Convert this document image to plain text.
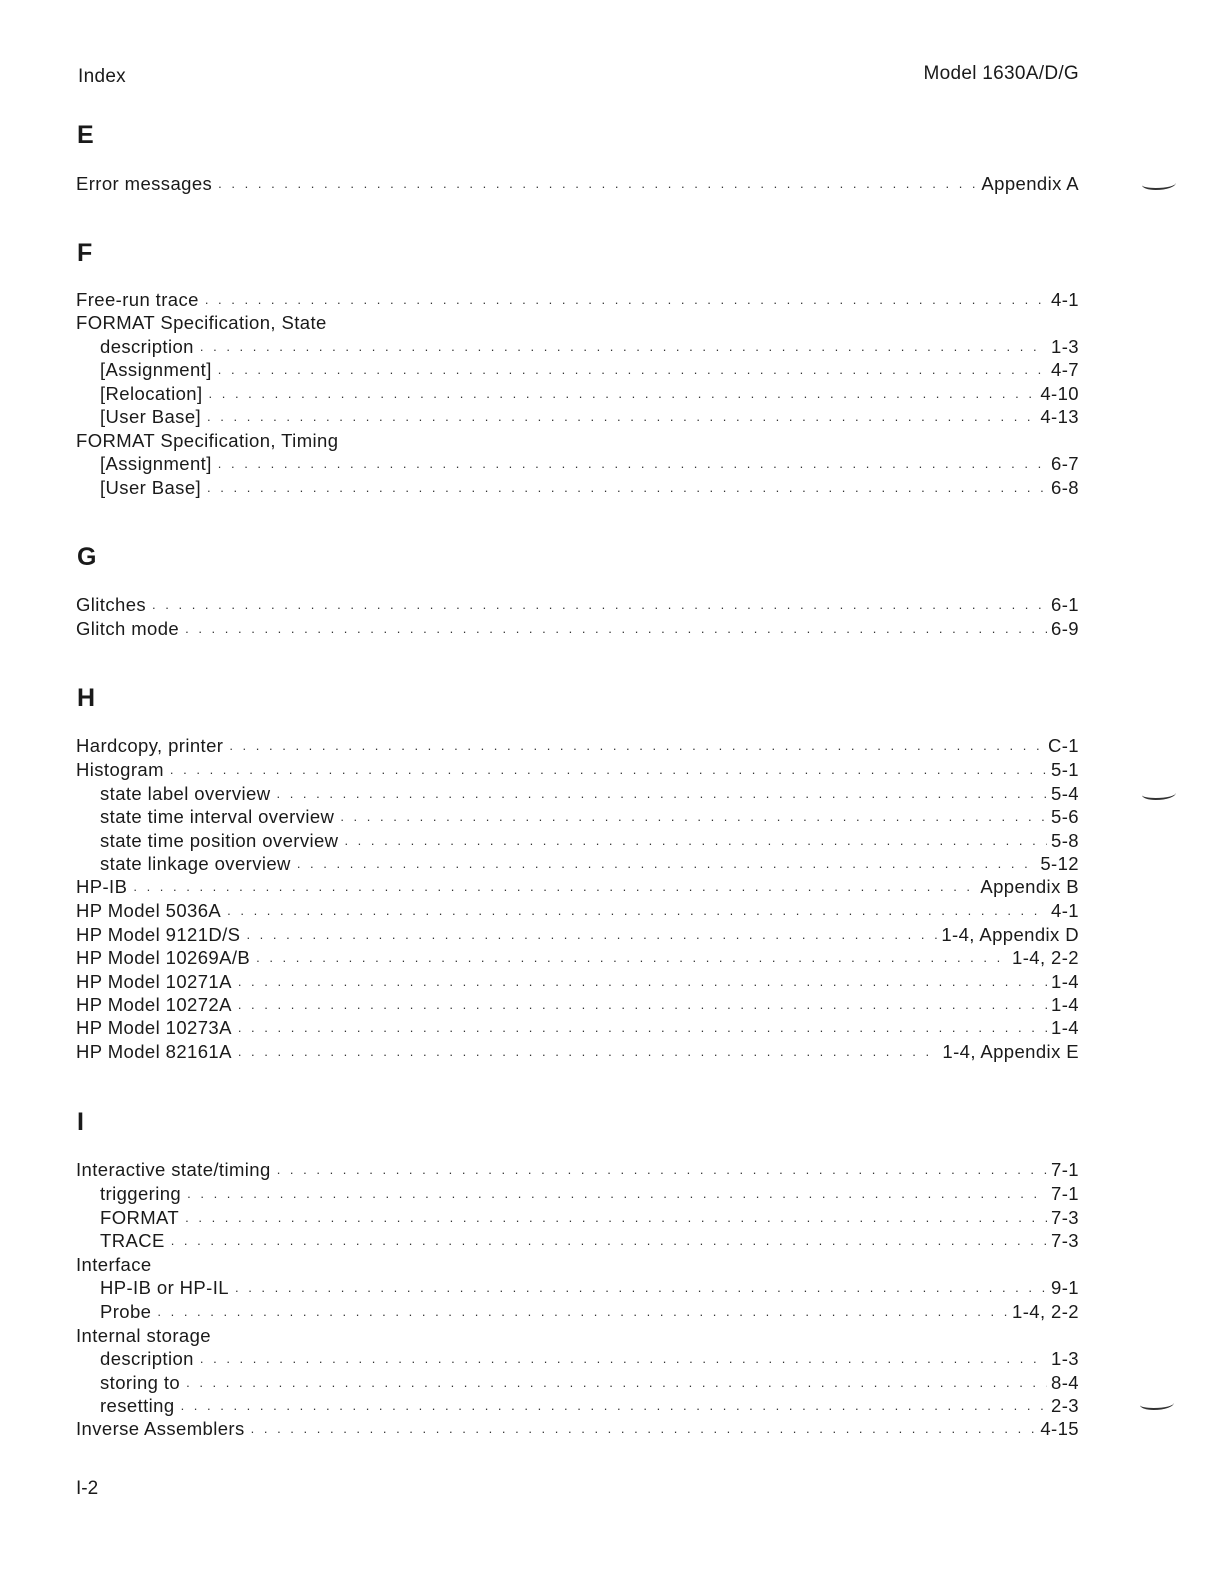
Index	Model 1630A/D/G
E
Error messages . . .	Appendix A
F
Free-run trace . . .	4-1
FORMAT Specification, State
description . . .	1-3
[Assignment] . . .	4-7
[Relocation] . . .	4-10
[User Base] . . .	4-13
FORMAT Specification, Timing
[Assignment] . . .	6-7
[User Base] . . .	6-8
G
Glitches . . .	6-1
Glitch mode . . .	6-9
H
Hardcopy, printer . . .	C-1
Histogram . . .	5-1
state label overview . . .	5-4
state time interval overview . . .	5-6
state time position overview . . .	5-8
state linkage overview . . .	5-12
HP-IB . . .	Appendix B
HP Model 5036A . . .	4-1
HP Model 9121D/S . . .	1-4, Appendix D
HP Model 10269A/B . . .	1-4, 2-2
HP Model 10271A . . .	1-4
HP Model 10272A . . .	1-4
HP Model 10273A . . .	1-4
HP Model 82161A . . .	1-4, Appendix E
I
Interactive state/timing . . .	7-1
triggering . . .	7-1
FORMAT . . .	7-3
TRACE . . .	7-3
Interface
HP-IB or HP-IL . . .	9-1
Probe . . .	1-4, 2-2
Internal storage
description . . .	1-3
storing to . . .	8-4
resetting . . .	2-3
Inverse Assemblers . . .	4-15
I-2
